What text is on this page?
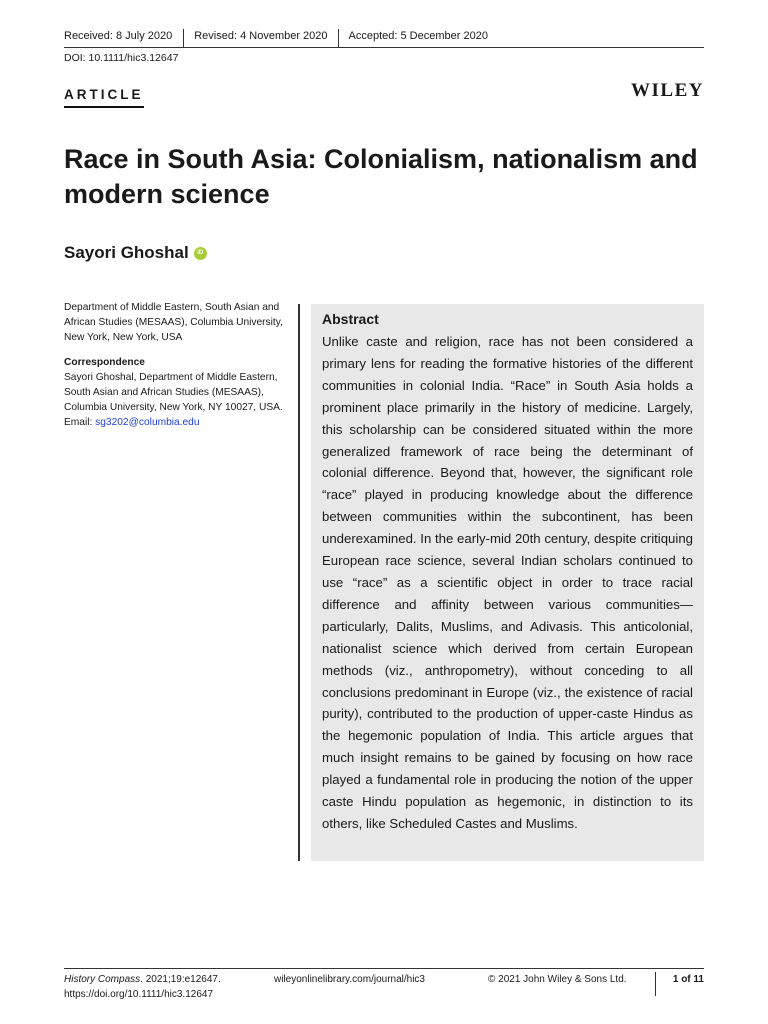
Received: 8 July 2020	Revised: 4 November 2020	Accepted: 5 December 2020
DOI: 10.1111/hic3.12647
ARTICLE	WILEY
Race in South Asia: Colonialism, nationalism and modern science
Sayori Ghoshal	iD

Department of Middle Eastern, South Asian and African Studies (MESAAS), Columbia University, New York, New York, USA

Correspondence

Sayori Ghoshal, Department of Middle Eastern, South Asian and African Studies (MESAAS), Columbia University, New York, NY 10027, USA.

Email: sg3202@columbia.edu

Abstract

Unlike caste and religion, race has not been considered a primary lens for reading the formative histories of the different communities in colonial India. “Race” in South Asia holds a prominent place primarily in the history of medicine. Largely, this scholarship can be considered situated within the more generalized framework of race being the determinant of colonial difference. Beyond that, however, the significant role “race” played in producing knowledge about the difference between communities within the subcontinent, has been underexamined. In the early-mid 20th century, despite critiquing European race science, several Indian scholars continued to use “race” as a scientific object in order to trace racial difference and affinity between various communities—particularly, Dalits, Muslims, and Adivasis. This anticolonial, nationalist science which derived from certain European methods (viz., anthropometry), without conceding to all conclusions predominant in Europe (viz., the existence of racial purity), contributed to the production of upper-caste Hindus as the hegemonic population of India. This article argues that much insight remains to be gained by focusing on how race played a fundamental role in producing the notion of the upper caste Hindu population as hegemonic, in distinction to its others, like Scheduled Castes and Muslims.

History Compass. 2021;19:e12647.
https://doi.org/10.1111/hic3.12647
wileyonlinelibrary.com/journal/hic3	© 2021 John Wiley & Sons Ltd.	1 of 11
